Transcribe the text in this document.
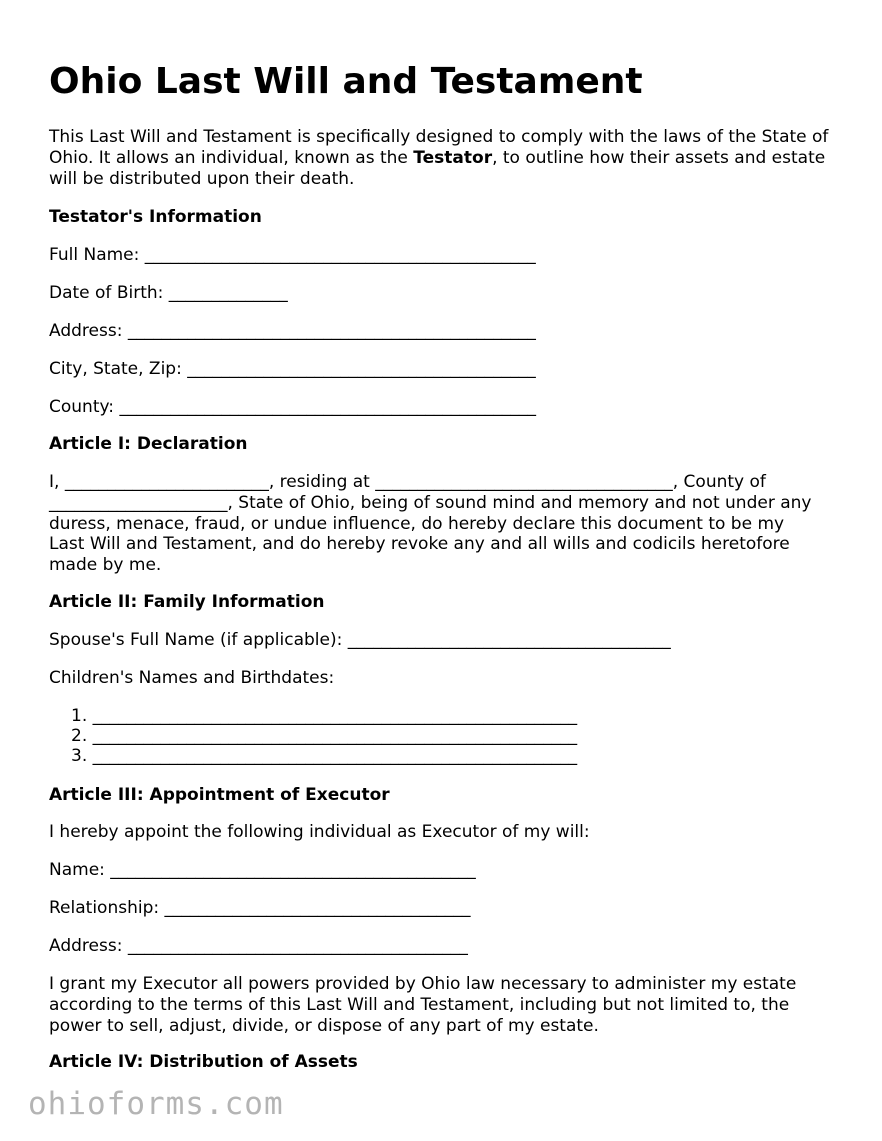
Ohio Last Will and Testament
This Last Will and Testament is specifically designed to comply with the laws of the State of
Ohio. It allows an individual, known as the Testator, to outline how their assets and estate
will be distributed upon their death.
Testator's Information
Full Name: ______________________________________________
Date of Birth: ______________
Address: ________________________________________________
City, State, Zip: _________________________________________
County: _________________________________________________
Article I: Declaration
I, ________________________, residing at ___________________________________, County of
_____________________, State of Ohio, being of sound mind and memory and not under any
duress, menace, fraud, or undue influence, do hereby declare this document to be my
Last Will and Testament, and do hereby revoke any and all wills and codicils heretofore
made by me.
Article II: Family Information
Spouse's Full Name (if applicable): ______________________________________
Children's Names and Birthdates:
1. _________________________________________________________
2. _________________________________________________________
3. _________________________________________________________
Article III: Appointment of Executor
I hereby appoint the following individual as Executor of my will:
Name: ___________________________________________
Relationship: ____________________________________
Address: ________________________________________
I grant my Executor all powers provided by Ohio law necessary to administer my estate
according to the terms of this Last Will and Testament, including but not limited to, the
power to sell, adjust, divide, or dispose of any part of my estate.
Article IV: Distribution of Assets
ohioforms.com
